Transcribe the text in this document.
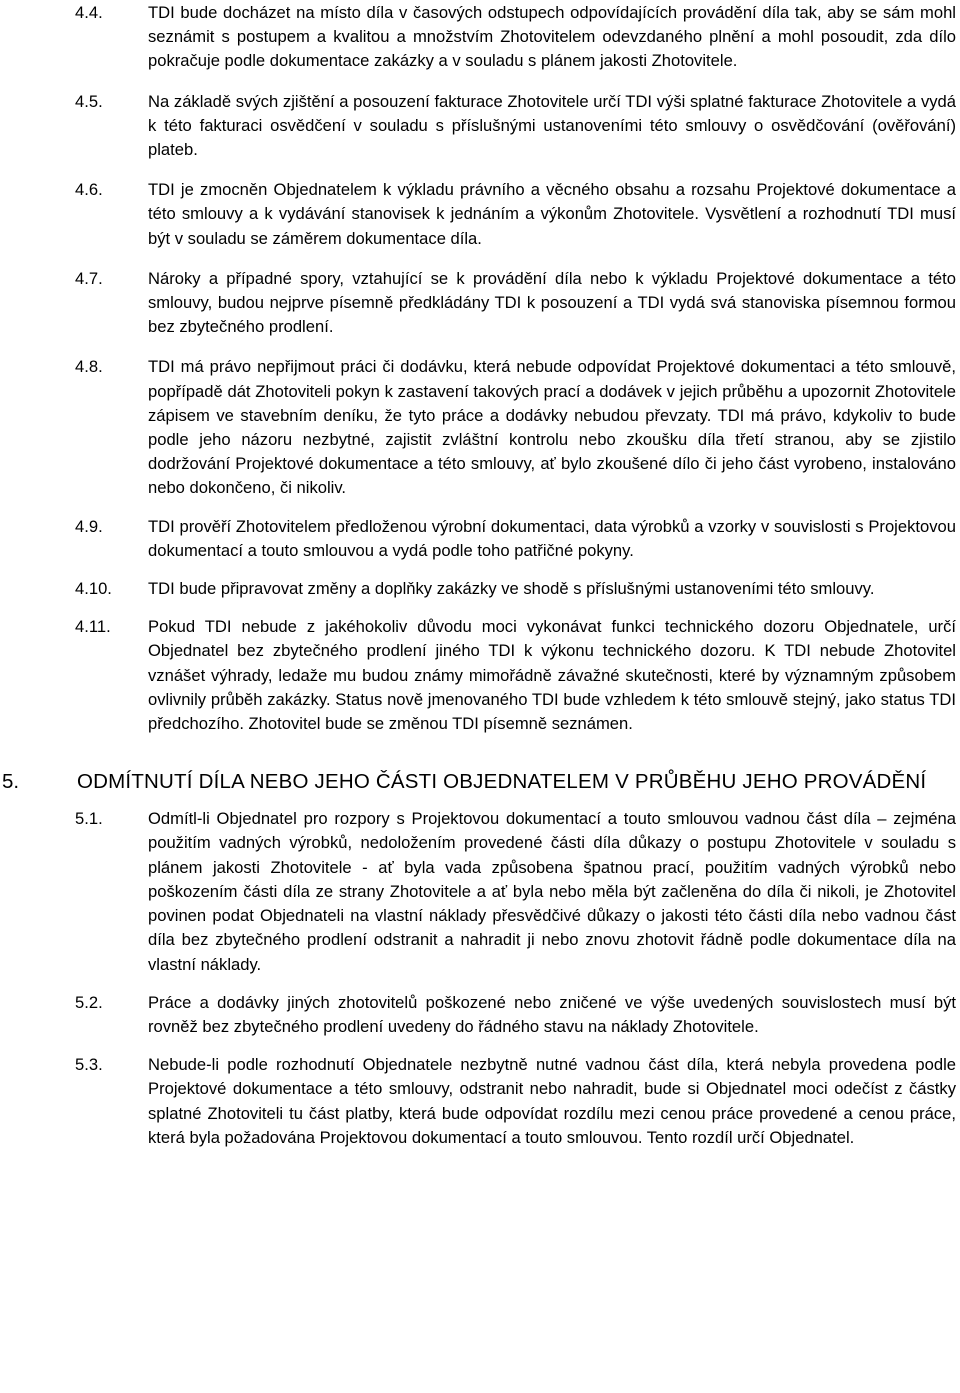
4.4.	TDI bude docházet na místo díla v časových odstupech odpovídajících provádění díla tak, aby se sám mohl seznámit s postupem a kvalitou a množstvím Zhotovitelem odevzdaného plnění a mohl posoudit, zda dílo pokračuje podle dokumentace zakázky a v souladu s plánem jakosti Zhotovitele.
4.5.	Na základě svých zjištění a posouzení fakturace Zhotovitele určí TDI výši splatné fakturace Zhotovitele a vydá k této fakturaci osvědčení v souladu s příslušnými ustanoveními této smlouvy o osvědčování (ověřování) plateb.
4.6.	TDI je zmocněn Objednatelem k výkladu právního a věcného obsahu a rozsahu Projektové dokumentace a této smlouvy a k vydávání stanovisek k jednáním a výkonům Zhotovitele. Vysvětlení a rozhodnutí TDI musí být v souladu se záměrem dokumentace díla.
4.7.	Nároky a případné spory, vztahující se k provádění díla nebo k výkladu Projektové dokumentace a této smlouvy, budou nejprve písemně předkládány TDI k posouzení a TDI vydá svá stanoviska písemnou formou bez zbytečného prodlení.
4.8.	TDI má právo nepřijmout práci či dodávku, která nebude odpovídat Projektové dokumentaci a této smlouvě, popřípadě dát Zhotoviteli pokyn k zastavení takových prací a dodávek v jejich průběhu a upozornit Zhotovitele zápisem ve stavebním deníku, že tyto práce a dodávky nebudou převzaty. TDI má právo, kdykoliv to bude podle jeho názoru nezbytné, zajistit zvláštní kontrolu nebo zkoušku díla třetí stranou, aby se zjistilo dodržování Projektové dokumentace a této smlouvy, ať bylo zkoušené dílo či jeho část vyrobeno, instalováno nebo dokončeno, či nikoliv.
4.9.	TDI prověří Zhotovitelem předloženou výrobní dokumentaci, data výrobků a vzorky v souvislosti s Projektovou dokumentací a touto smlouvou a vydá podle toho patřičné pokyny.
4.10.	TDI bude připravovat změny a doplňky zakázky ve shodě s příslušnými ustanoveními této smlouvy.
4.11.	Pokud TDI nebude z jakéhokoliv důvodu moci vykonávat funkci technického dozoru Objednatele, určí Objednatel bez zbytečného prodlení jiného TDI k výkonu technického dozoru. K TDI nebude Zhotovitel vznášet výhrady, ledaže mu budou známy mimořádně závažné skutečnosti, které by významným způsobem ovlivnily průběh zakázky. Status nově jmenovaného TDI bude vzhledem k této smlouvě stejný, jako status TDI předchozího. Zhotovitel bude se změnou TDI písemně seznámen.
5.	ODMÍTNUTÍ DÍLA NEBO JEHO ČÁSTI OBJEDNATELEM V PRŮBĚHU JEHO PROVÁDĚNÍ
5.1.	Odmítl-li Objednatel pro rozpory s Projektovou dokumentací a touto smlouvou vadnou část díla – zejména použitím vadných výrobků, nedoložením provedené části díla důkazy o postupu Zhotovitele v souladu s plánem jakosti Zhotovitele - ať byla vada způsobena špatnou prací, použitím vadných výrobků nebo poškozením části díla ze strany Zhotovitele a ať byla nebo měla být začleněna do díla či nikoli, je Zhotovitel povinen podat Objednateli na vlastní náklady přesvědčivé důkazy o jakosti této části díla nebo vadnou část díla bez zbytečného prodlení odstranit a nahradit ji nebo znovu zhotovit řádně podle dokumentace díla na vlastní náklady.
5.2.	Práce a dodávky jiných zhotovitelů poškozené nebo zničené ve výše uvedených souvislostech musí být rovněž bez zbytečného prodlení uvedeny do řádného stavu na náklady Zhotovitele.
5.3.	Nebude-li podle rozhodnutí Objednatele nezbytně nutné vadnou část díla, která nebyla provedena podle Projektové dokumentace a této smlouvy, odstranit nebo nahradit, bude si Objednatel moci odečíst z částky splatné Zhotoviteli tu část platby, která bude odpovídat rozdílu mezi cenou práce provedené a cenou práce, která byla požadována Projektovou dokumentací a touto smlouvou. Tento rozdíl určí Objednatel.
